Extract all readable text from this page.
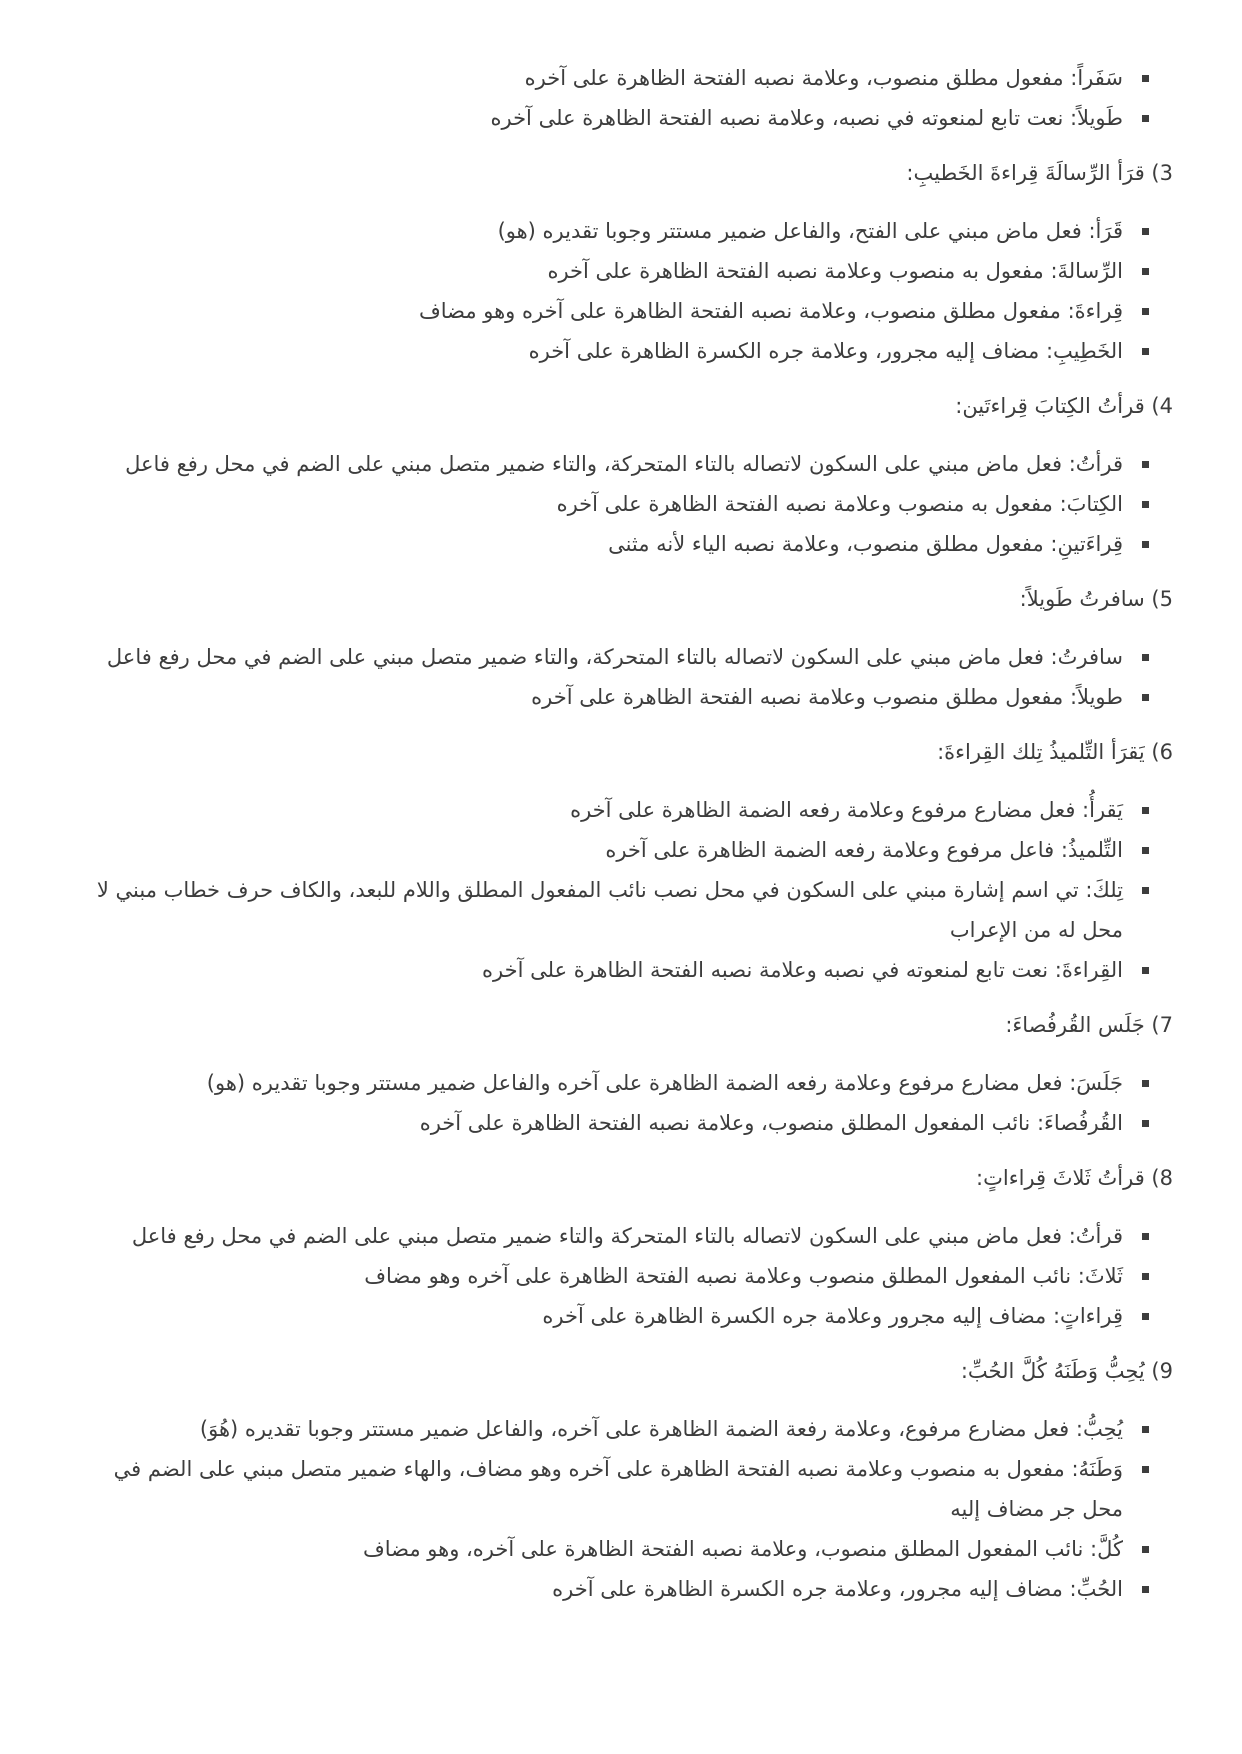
سَفَراً: مفعول مطلق منصوب، وعلامة نصبه الفتحة الظاهرة على آخره
طَويلاً: نعت تابع لمنعوته في نصبه، وعلامة نصبه الفتحة الظاهرة على آخره

3) قرَأ الرِّسالَةَ قِراءةَ الخَطيبِ:

قَرَأ: فعل ماض مبني على الفتح، والفاعل ضمير مستتر وجوبا تقديره (هو)
الرِّسالةَ: مفعول به منصوب وعلامة نصبه الفتحة الظاهرة على آخره
قِراءةَ: مفعول مطلق منصوب، وعلامة نصبه الفتحة الظاهرة على آخره وهو مضاف
الخَطِيبِ: مضاف إليه مجرور، وعلامة جره الكسرة الظاهرة على آخره

4) قرأتُ الكِتابَ قِراءتَين:

قرأتُ: فعل ماض مبني على السكون لاتصاله بالتاء المتحركة، والتاء ضمير متصل مبني على الضم في محل رفع فاعل
الكِتابَ: مفعول به منصوب وعلامة نصبه الفتحة الظاهرة على آخره
قِراءَتينِ: مفعول مطلق منصوب، وعلامة نصبه الياء لأنه مثنى

5) سافرتُ طَويلاً:

سافرتُ: فعل ماض مبني على السكون لاتصاله بالتاء المتحركة، والتاء ضمير متصل مبني على الضم في محل رفع فاعل
طويلاً: مفعول مطلق منصوب وعلامة نصبه الفتحة الظاهرة على آخره

6) يَقرَأ التِّلميذُ تِلك القِراءةَ:

يَقرأُ: فعل مضارع مرفوع وعلامة رفعه الضمة الظاهرة على آخره
التِّلميذُ: فاعل مرفوع وعلامة رفعه الضمة الظاهرة على آخره
تِلكَ: تي اسم إشارة مبني على السكون في محل نصب نائب المفعول المطلق واللام للبعد، والكاف حرف خطاب مبني لا محل له من الإعراب
القِراءةَ: نعت تابع لمنعوته في نصبه وعلامة نصبه الفتحة الظاهرة على آخره

7) جَلَس القُرفُصاءَ:

جَلَسَ: فعل مضارع مرفوع وعلامة رفعه الضمة الظاهرة على آخره والفاعل ضمير مستتر وجوبا تقديره (هو)
القُرفُصاءَ: نائب المفعول المطلق منصوب، وعلامة نصبه الفتحة الظاهرة على آخره

8) قرأتُ ثَلاثَ قِراءاتٍ:

قرأتُ: فعل ماض مبني على السكون لاتصاله بالتاء المتحركة والتاء ضمير متصل مبني على الضم في محل رفع فاعل
ثَلاثَ: نائب المفعول المطلق منصوب وعلامة نصبه الفتحة الظاهرة على آخره وهو مضاف
قِراءاتٍ: مضاف إليه مجرور وعلامة جره الكسرة الظاهرة على آخره

9) يُحِبُّ وَطَنَهُ كُلَّ الحُبِّ:

يُحِبُّ: فعل مضارع مرفوع، وعلامة رفعة الضمة الظاهرة على آخره، والفاعل ضمير مستتر وجوبا تقديره (هُوَ)
وَطَنَهُ: مفعول به منصوب وعلامة نصبه الفتحة الظاهرة على آخره وهو مضاف، والهاء ضمير متصل مبني على الضم في محل جر مضاف إليه
كُلَّ: نائب المفعول المطلق منصوب، وعلامة نصبه الفتحة الظاهرة على آخره، وهو مضاف
الحُبِّ: مضاف إليه مجرور، وعلامة جره الكسرة الظاهرة على آخره
